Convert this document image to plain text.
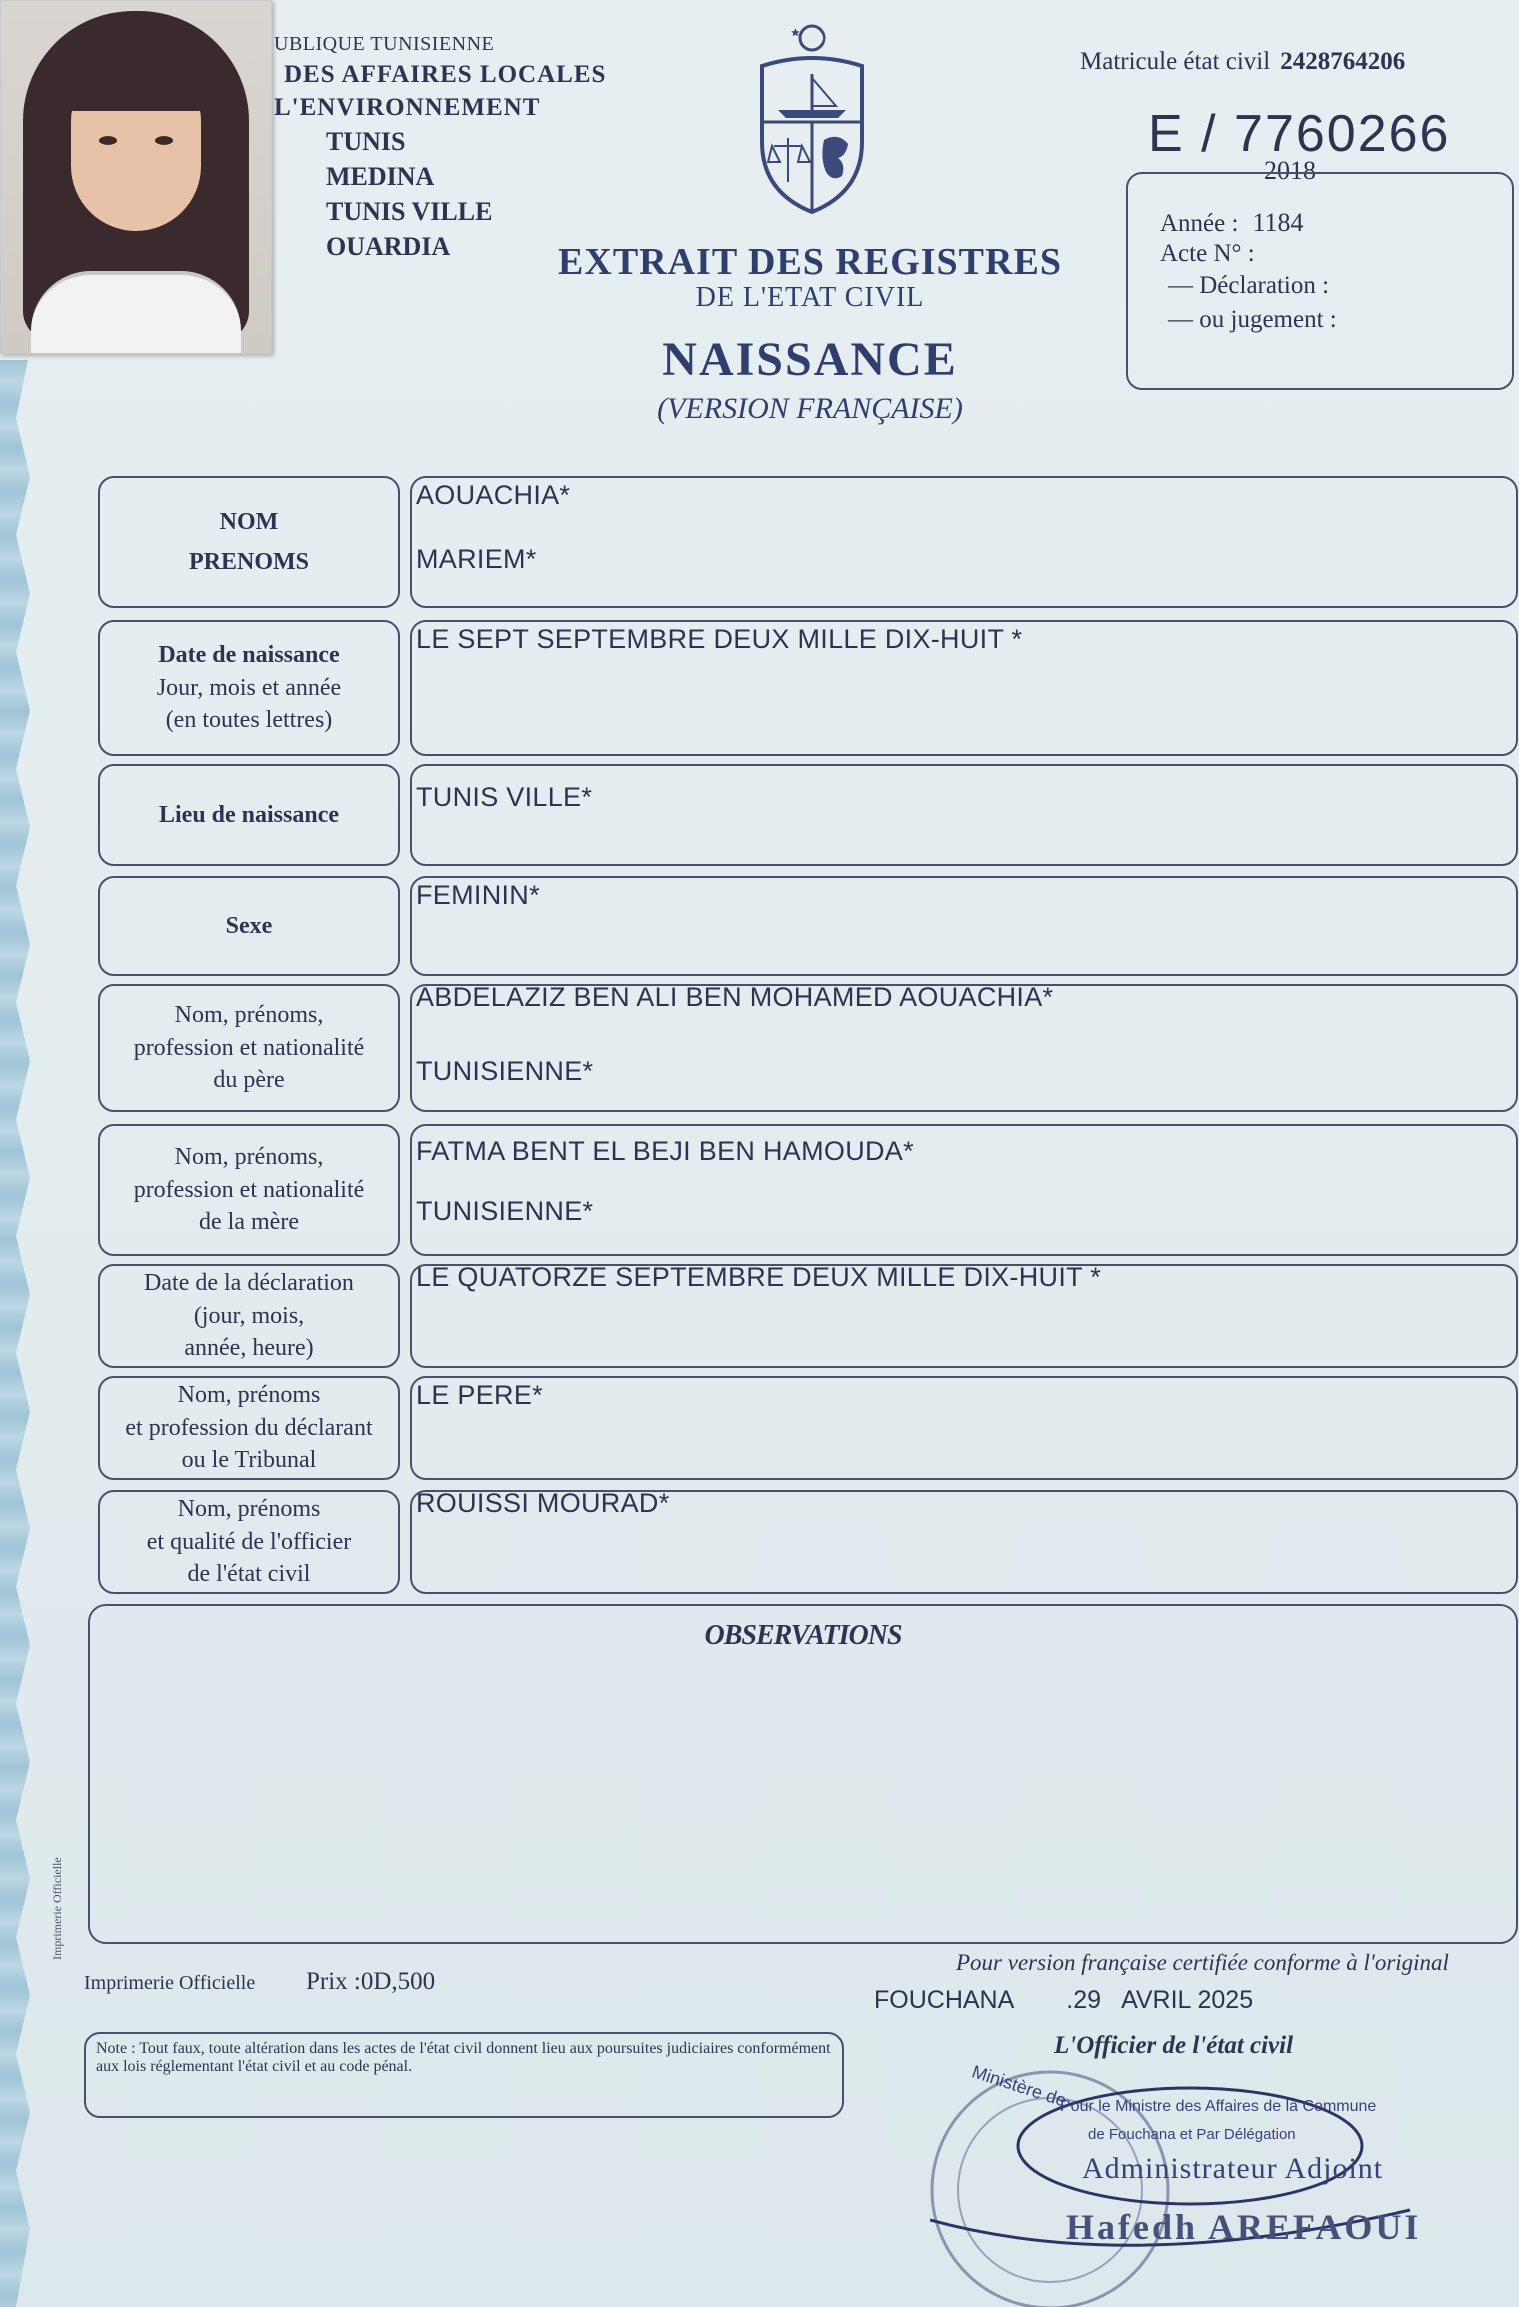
UBLIQUE TUNISIENNE
DES AFFAIRES LOCALES
L'ENVIRONNEMENT
TUNIS
MEDINA
TUNIS VILLE
OUARDIA	EXTRAIT DES REGISTRES
DE L'ETAT CIVIL
NAISSANCE
(VERSION FRANÇAISE)
Matricule état civil 2428764206
E / 7760266
2018
Année : 1184
Acte N° :
— Déclaration :
— ou jugement :
NOM
PRENOMS
AOUACHIA*
MARIEM*
Date de naissance
Jour, mois et année
(en toutes lettres)
LE SEPT SEPTEMBRE DEUX MILLE DIX-HUIT *
Lieu de naissance
TUNIS VILLE*
Sexe
FEMININ*
Nom, prénoms,
profession et nationalité
du père
ABDELAZIZ BEN ALI BEN MOHAMED AOUACHIA*
TUNISIENNE*
Nom, prénoms,
profession et nationalité
de la mère
FATMA BENT EL BEJI BEN HAMOUDA*
TUNISIENNE*
Date de la déclaration
(jour, mois,
année, heure)
LE QUATORZE SEPTEMBRE DEUX MILLE DIX-HUIT *
Nom, prénoms
et profession du déclarant
ou le Tribunal
LE PERE*
Nom, prénoms
et qualité de l'officier
de l'état civil
ROUISSI MOURAD*
OBSERVATIONS
Imprimerie Officielle
Imprimerie Officielle Prix :0D,500
Pour version française certifiée conforme à l'original
FOUCHANA .29 AVRIL 2025
L'Officier de l'état civil
Note : Tout faux, toute altération dans les actes de l'état civil donnent lieu aux poursuites judiciaires conformément aux lois réglementant l'état civil et au code pénal.	Ministère de
Pour le Ministre des Affaires de la Commune
de Fouchana et Par Délégation
Administrateur Adjoint
Hafedh AREFAOUI
